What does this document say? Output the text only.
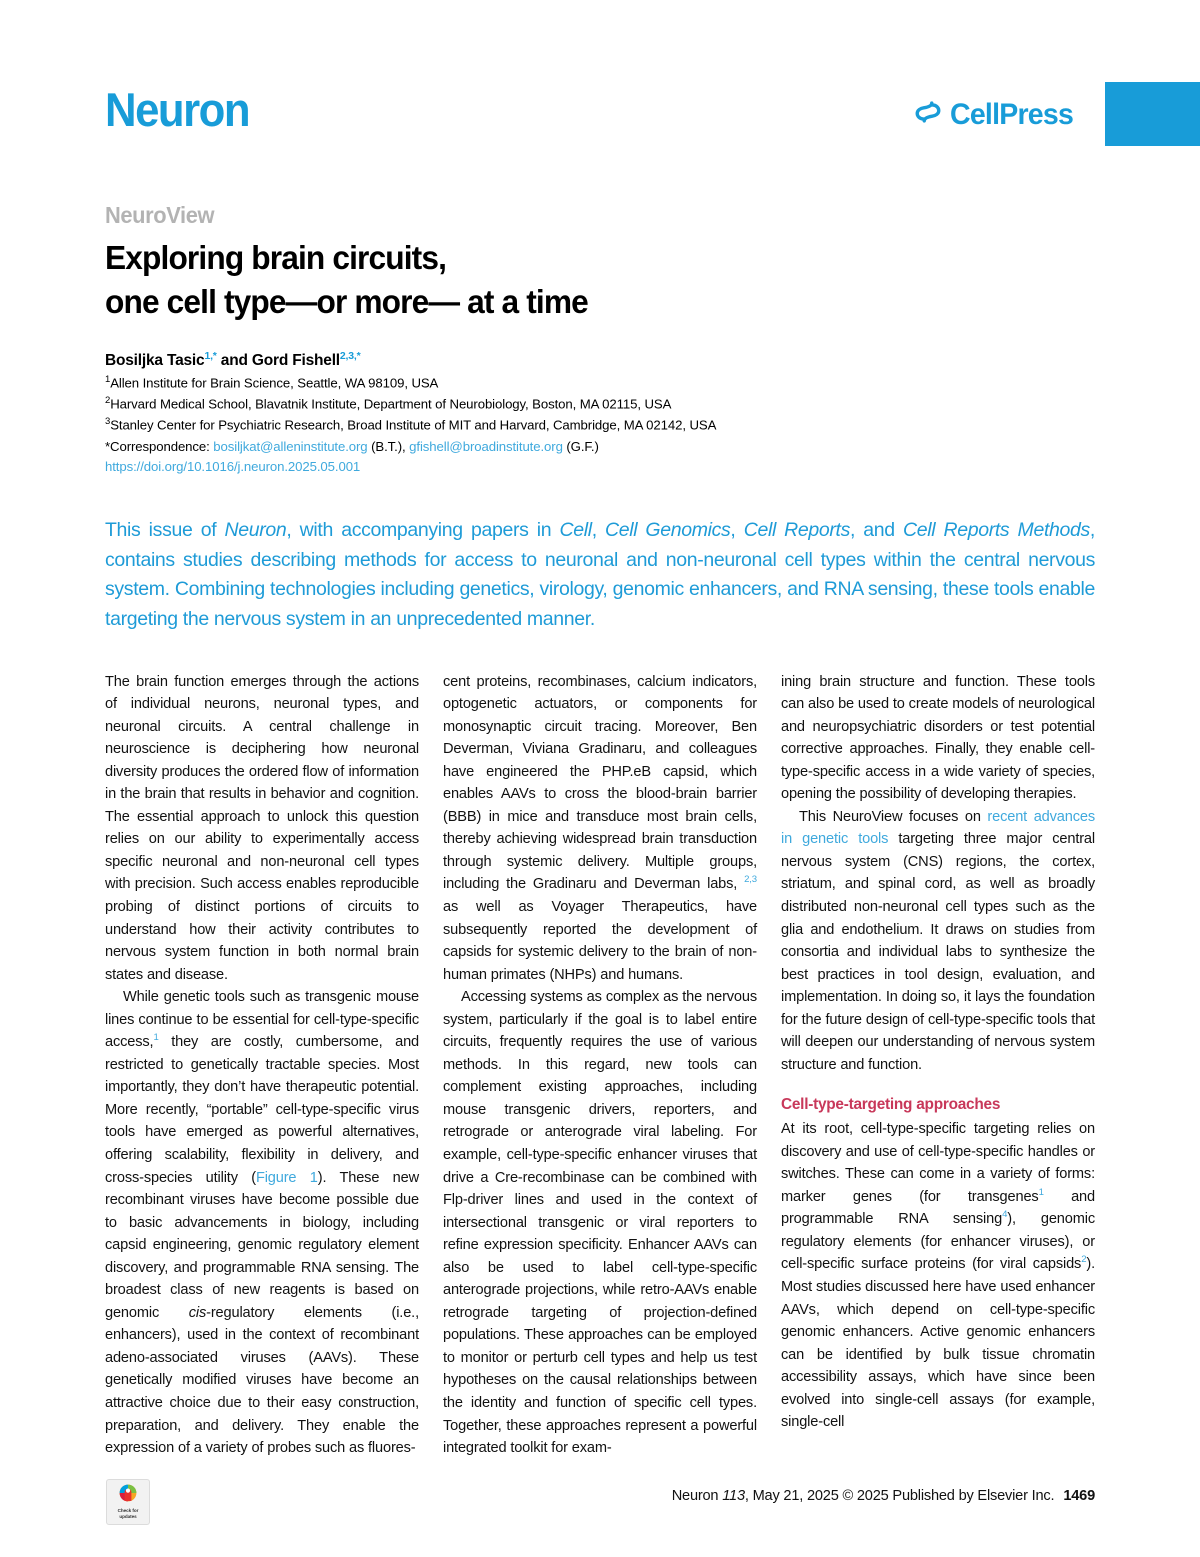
Neuron	CellPress
NeuroView
Exploring brain circuits,
one cell type—or more— at a time
Bosiljka Tasic$^{1,*}$ and Gord Fishell$^{2,3,*}$
$^1$Allen Institute for Brain Science, Seattle, WA 98109, USA
$^2$Harvard Medical School, Blavatnik Institute, Department of Neurobiology, Boston, MA 02115, USA
$^3$Stanley Center for Psychiatric Research, Broad Institute of MIT and Harvard, Cambridge, MA 02142, USA
*Correspondence: bosiljkat@alleninstitute.org (B.T.), gfishell@broadinstitute.org (G.F.)
https://doi.org/10.1016/j.neuron.2025.05.001
This issue of Neuron, with accompanying papers in Cell, Cell Genomics, Cell Reports, and Cell Reports Methods, contains studies describing methods for access to neuronal and non-neuronal cell types within the central nervous system. Combining technologies including genetics, virology, genomic enhancers, and RNA sensing, these tools enable targeting the nervous system in an unprecedented manner.

The brain function emerges through the actions of individual neurons, neuronal types, and neuronal circuits. A central challenge in neuroscience is deciphering how neuronal diversity produces the ordered flow of information in the brain that results in behavior and cognition. The essential approach to unlock this question relies on our ability to experimentally access specific neuronal and non-neuronal cell types with precision. Such access enables reproducible probing of distinct portions of circuits to understand how their activity contributes to nervous system function in both normal brain states and disease.

While genetic tools such as transgenic mouse lines continue to be essential for cell-type-specific access,$^1$ they are costly, cumbersome, and restricted to genetically tractable species. Most importantly, they don’t have therapeutic potential. More recently, “portable” cell-type-specific virus tools have emerged as powerful alternatives, offering scalability, flexibility in delivery, and cross-species utility (Figure 1). These new recombinant viruses have become possible due to basic advancements in biology, including capsid engineering, genomic regulatory element discovery, and programmable RNA sensing. The broadest class of new reagents is based on genomic cis-regulatory elements (i.e., enhancers), used in the context of recombinant adeno-associated viruses (AAVs). These genetically modified viruses have become an attractive choice due to their easy construction, preparation, and delivery. They enable the expression of a variety of probes such as fluores-

cent proteins, recombinases, calcium indicators, optogenetic actuators, or components for monosynaptic circuit tracing. Moreover, Ben Deverman, Viviana Gradinaru, and colleagues have engineered the PHP.eB capsid, which enables AAVs to cross the blood-brain barrier (BBB) in mice and transduce most brain cells, thereby achieving widespread brain transduction through systemic delivery. Multiple groups, including the Gradinaru and Deverman labs, $^{2,3}$ as well as Voyager Therapeutics, have subsequently reported the development of capsids for systemic delivery to the brain of non-human primates (NHPs) and humans.

Accessing systems as complex as the nervous system, particularly if the goal is to label entire circuits, frequently requires the use of various methods. In this regard, new tools can complement existing approaches, including mouse transgenic drivers, reporters, and retrograde or anterograde viral labeling. For example, cell-type-specific enhancer viruses that drive a Cre-recombinase can be combined with Flp-driver lines and used in the context of intersectional transgenic or viral reporters to refine expression specificity. Enhancer AAVs can also be used to label cell-type-specific anterograde projections, while retro-AAVs enable retrograde targeting of projection-defined populations. These approaches can be employed to monitor or perturb cell types and help us test hypotheses on the causal relationships between the identity and function of specific cell types. Together, these approaches represent a powerful integrated toolkit for exam-

ining brain structure and function. These tools can also be used to create models of neurological and neuropsychiatric disorders or test potential corrective approaches. Finally, they enable cell-type-specific access in a wide variety of species, opening the possibility of developing therapies.

This NeuroView focuses on recent advances in genetic tools targeting three major central nervous system (CNS) regions, the cortex, striatum, and spinal cord, as well as broadly distributed non-neuronal cell types such as the glia and endothelium. It draws on studies from consortia and individual labs to synthesize the best practices in tool design, evaluation, and implementation. In doing so, it lays the foundation for the future design of cell-type-specific tools that will deepen our understanding of nervous system structure and function.

Cell-type-targeting approaches

At its root, cell-type-specific targeting relies on discovery and use of cell-type-specific handles or switches. These can come in a variety of forms: marker genes (for transgenes$^1$ and programmable RNA sensing$^4$), genomic regulatory elements (for enhancer viruses), or cell-specific surface proteins (for viral capsids$^2$). Most studies discussed here have used enhancer AAVs, which depend on cell-type-specific genomic enhancers. Active genomic enhancers can be identified by bulk tissue chromatin accessibility assays, which have since been evolved into single-cell assays (for example, single-cell

Check for
updates
Neuron 113, May 21, 2025 © 2025 Published by Elsevier Inc. 1469
